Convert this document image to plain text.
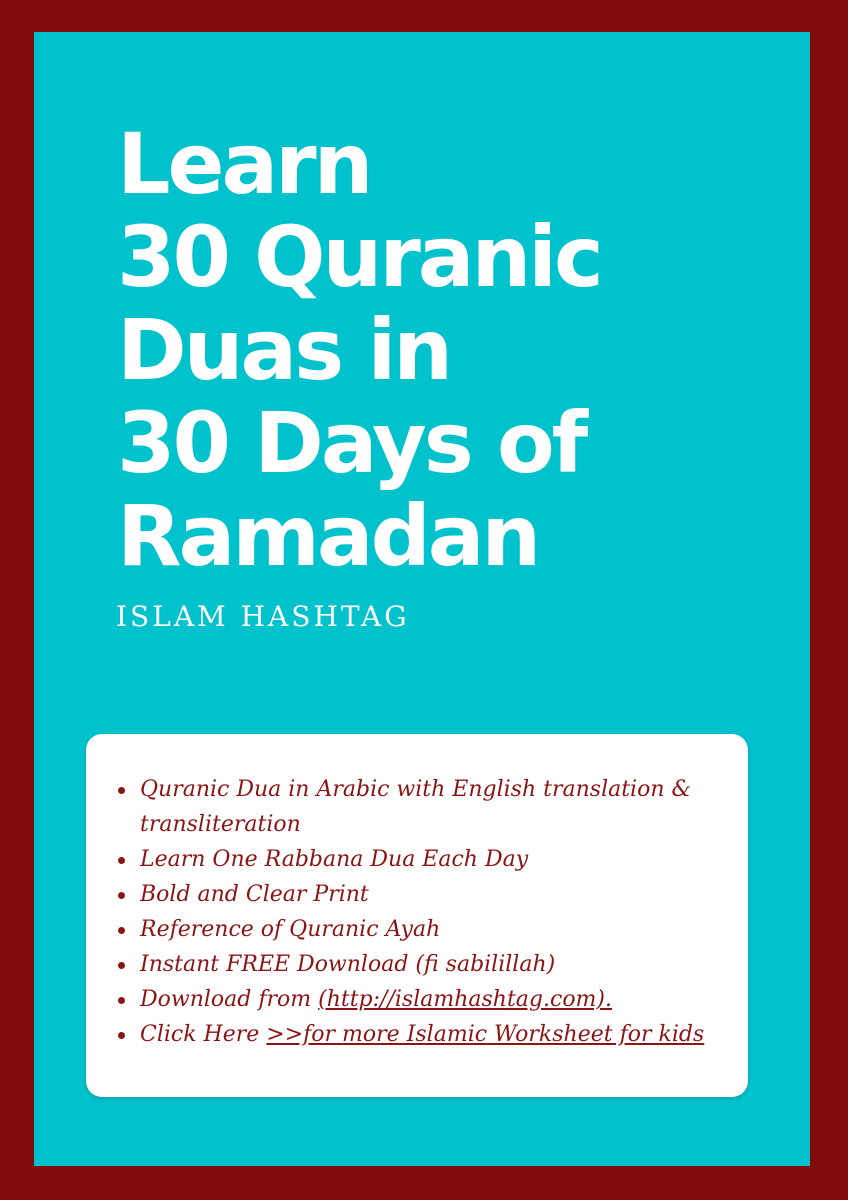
Learn
30 Quranic
Duas in
30 Days of
Ramadan
ISLAM HASHTAG
Quranic Dua in Arabic with English translation & transliteration
Learn One Rabbana Dua Each Day
Bold and Clear Print
Reference of Quranic Ayah
Instant FREE Download (fi sabilillah)
Download from (http://islamhashtag.com).
Click Here >>for more Islamic Worksheet for kids
